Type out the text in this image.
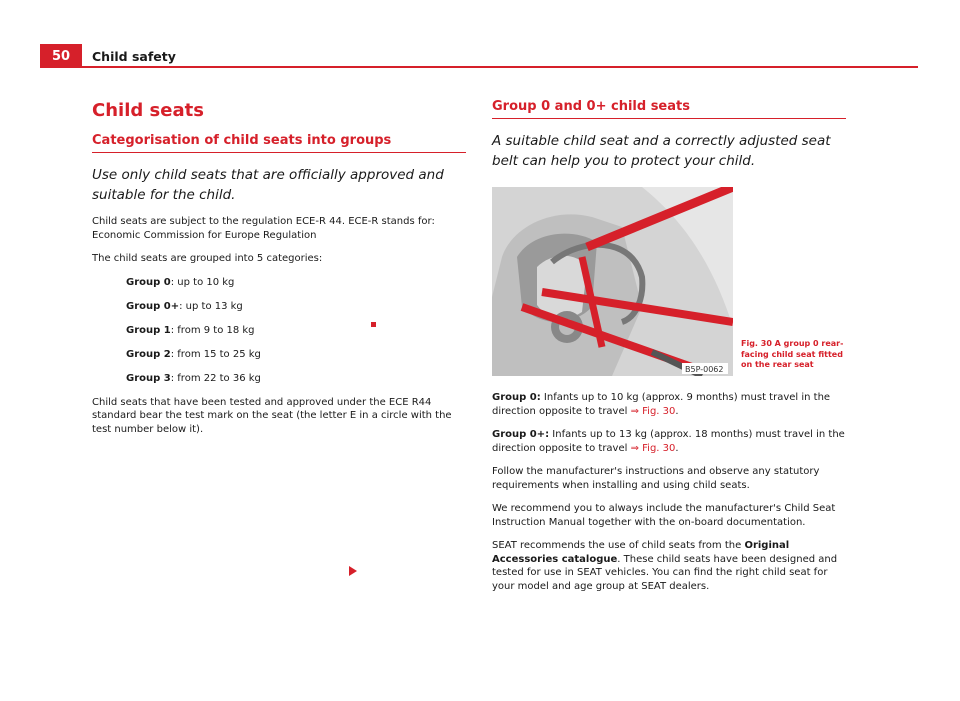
50	Child safety
Child seats
Categorisation of child seats into groups
Use only child seats that are officially approved and suitable for the child.
Child seats are subject to the regulation ECE-R 44. ECE-R stands for: Economic Commission for Europe Regulation
The child seats are grouped into 5 categories:
Group 0: up to 10 kg
Group 0+: up to 13 kg
Group 1: from 9 to 18 kg
Group 2: from 15 to 25 kg
Group 3: from 22 to 36 kg
Child seats that have been tested and approved under the ECE R44 standard bear the test mark on the seat (the letter E in a circle with the test number below it).
Group 0 and 0+ child seats
A suitable child seat and a correctly adjusted seat belt can help you to protect your child.
B5P-0062
Fig. 30 A group 0 rear-facing child seat fitted on the rear seat
Group 0: Infants up to 10 kg (approx. 9 months) must travel in the direction opposite to travel ⇒ Fig. 30.
Group 0+: Infants up to 13 kg (approx. 18 months) must travel in the direction opposite to travel ⇒ Fig. 30.
Follow the manufacturer's instructions and observe any statutory requirements when installing and using child seats.
We recommend you to always include the manufacturer's Child Seat Instruction Manual together with the on-board documentation.
SEAT recommends the use of child seats from the Original Accessories catalogue. These child seats have been designed and tested for use in SEAT vehicles. You can find the right child seat for your model and age group at SEAT dealers.
